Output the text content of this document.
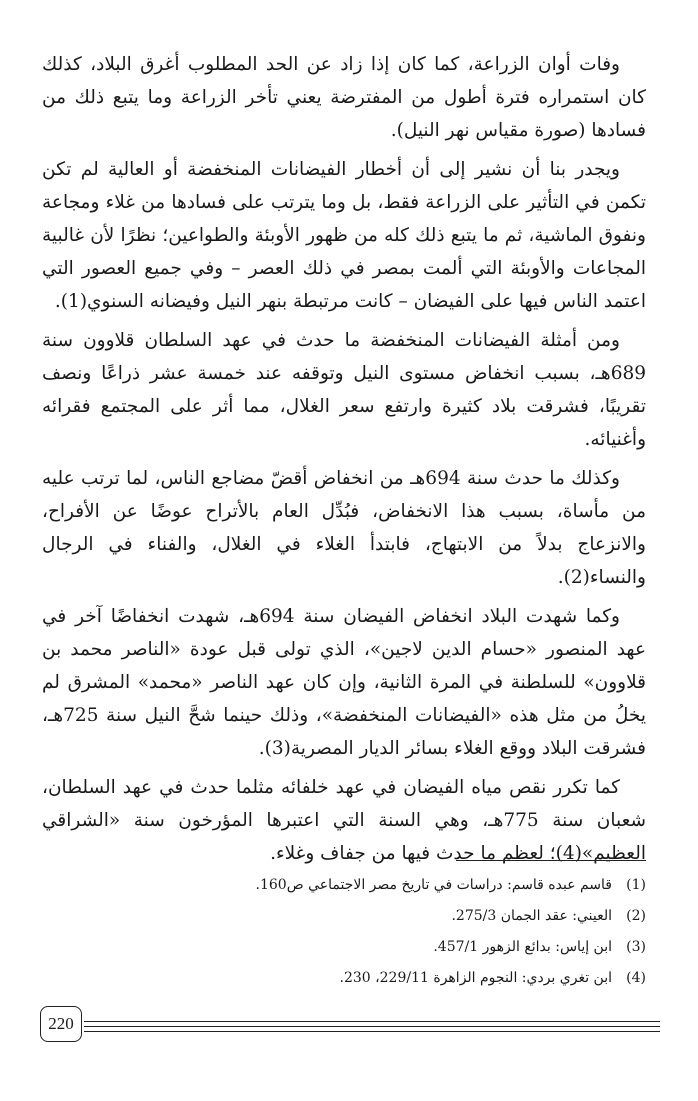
وفات أوان الزراعة، كما كان إذا زاد عن الحد المطلوب أغرق البلاد، كذلك كان استمراره فترة أطول من المفترضة يعني تأخر الزراعة وما يتبع ذلك من فسادها (صورة مقياس نهر النيل).

ويجدر بنا أن نشير إلى أن أخطار الفيضانات المنخفضة أو العالية لم تكن تكمن في التأثير على الزراعة فقط، بل وما يترتب على فسادها من غلاء ومجاعة ونفوق الماشية، ثم ما يتبع ذلك كله من ظهور الأوبئة والطواعين؛ نظرًا لأن غالبية المجاعات والأوبئة التي ألمت بمصر في ذلك العصر – وفي جميع العصور التي اعتمد الناس فيها على الفيضان – كانت مرتبطة بنهر النيل وفيضانه السنوي(1).

ومن أمثلة الفيضانات المنخفضة ما حدث في عهد السلطان قلاوون سنة 689هـ، بسبب انخفاض مستوى النيل وتوقفه عند خمسة عشر ذراعًا ونصف تقريبًا، فشرقت بلاد كثيرة وارتفع سعر الغلال، مما أثر على المجتمع فقرائه وأغنيائه.

وكذلك ما حدث سنة 694هـ من انخفاض أقضّ مضاجع الناس، لما ترتب عليه من مأساة، بسبب هذا الانخفاض، فبُدِّل العام بالأتراح عوضًا عن الأفراح، والانزعاج بدلاً من الابتهاج، فابتدأ الغلاء في الغلال، والفناء في الرجال والنساء(2).

وكما شهدت البلاد انخفاض الفيضان سنة 694هـ، شهدت انخفاضًا آخر في عهد المنصور «حسام الدين لاجين»، الذي تولى قبل عودة «الناصر محمد بن قلاوون» للسلطنة في المرة الثانية، وإن كان عهد الناصر «محمد» المشرق لم يخلُ من مثل هذه «الفيضانات المنخفضة»، وذلك حينما شحَّ النيل سنة 725هـ، فشرقت البلاد ووقع الغلاء بسائر الديار المصرية(3).

كما تكرر نقص مياه الفيضان في عهد خلفائه مثلما حدث في عهد السلطان، شعبان سنة 775هـ، وهي السنة التي اعتبرها المؤرخون سنة «الشراقي العظيم»(4)؛ لعظم ما حدث فيها من جفاف وغلاء.

(1)قاسم عبده قاسم: دراسات في تاريخ مصر الاجتماعي ص160.
(2)العيني: عقد الجمان 275/3.
(3)ابن إياس: بدائع الزهور 457/1.
(4)ابن تغري بردي: النجوم الزاهرة 229/11، 230.
220
